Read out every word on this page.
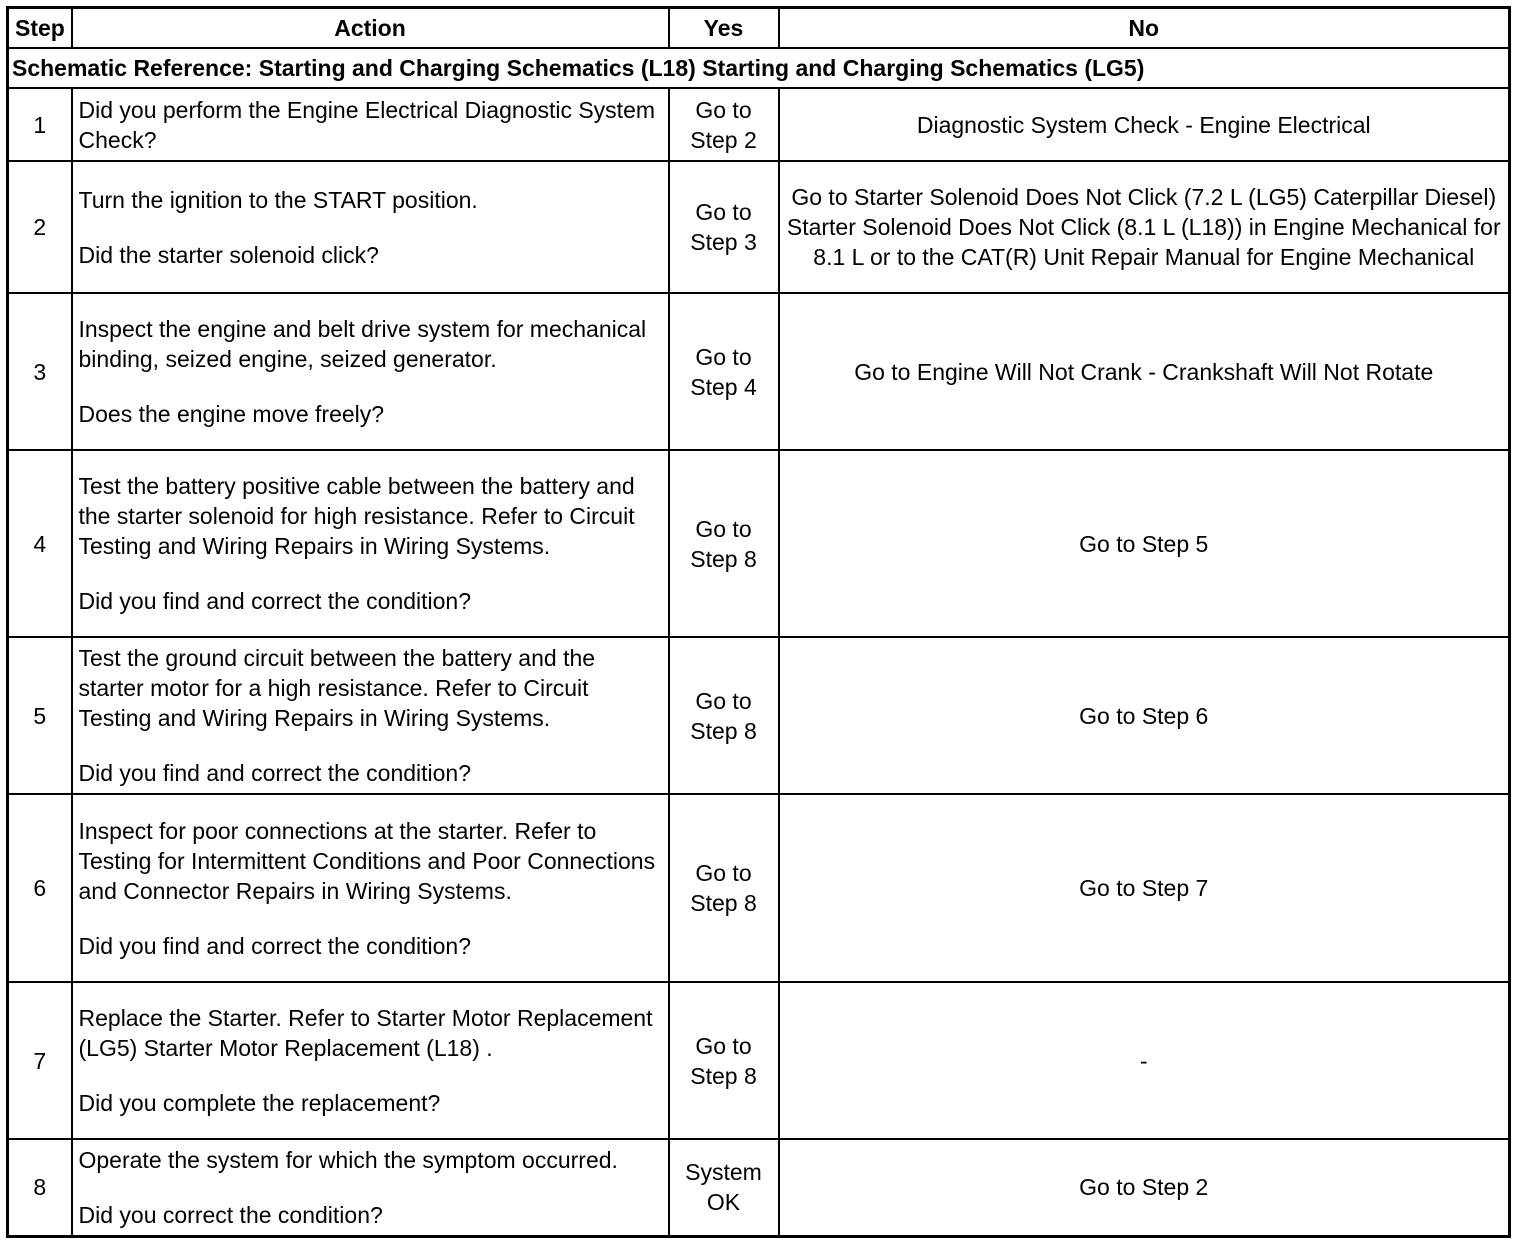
Step	Action	Yes	No
Schematic Reference: Starting and Charging Schematics (L18) Starting and Charging Schematics (LG5)			
1	Did you perform the Engine Electrical Diagnostic System Check?	Go to Step 2	Diagnostic System Check - Engine Electrical
2	Turn the ignition to the START position.

Did the starter solenoid click?	Go to Step 3	Go to Starter Solenoid Does Not Click (7.2 L (LG5) Caterpillar Diesel) Starter Solenoid Does Not Click (8.1 L (L18)) in Engine Mechanical for 8.1 L or to the CAT(R) Unit Repair Manual for Engine Mechanical
3	Inspect the engine and belt drive system for mechanical binding, seized engine, seized generator.

Does the engine move freely?	Go to Step 4	Go to Engine Will Not Crank - Crankshaft Will Not Rotate
4	Test the battery positive cable between the battery and the starter solenoid for high resistance. Refer to Circuit Testing and Wiring Repairs in Wiring Systems.

Did you find and correct the condition?	Go to Step 8	Go to Step 5
5	Test the ground circuit between the battery and the starter motor for a high resistance. Refer to Circuit Testing and Wiring Repairs in Wiring Systems.

Did you find and correct the condition?	Go to Step 8	Go to Step 6
6	Inspect for poor connections at the starter. Refer to Testing for Intermittent Conditions and Poor Connections and Connector Repairs in Wiring Systems.

Did you find and correct the condition?	Go to Step 8	Go to Step 7
7	Replace the Starter. Refer to Starter Motor Replacement (LG5) Starter Motor Replacement (L18) .

Did you complete the replacement?	Go to Step 8	-
8	Operate the system for which the symptom occurred.

Did you correct the condition?	System OK	Go to Step 2
